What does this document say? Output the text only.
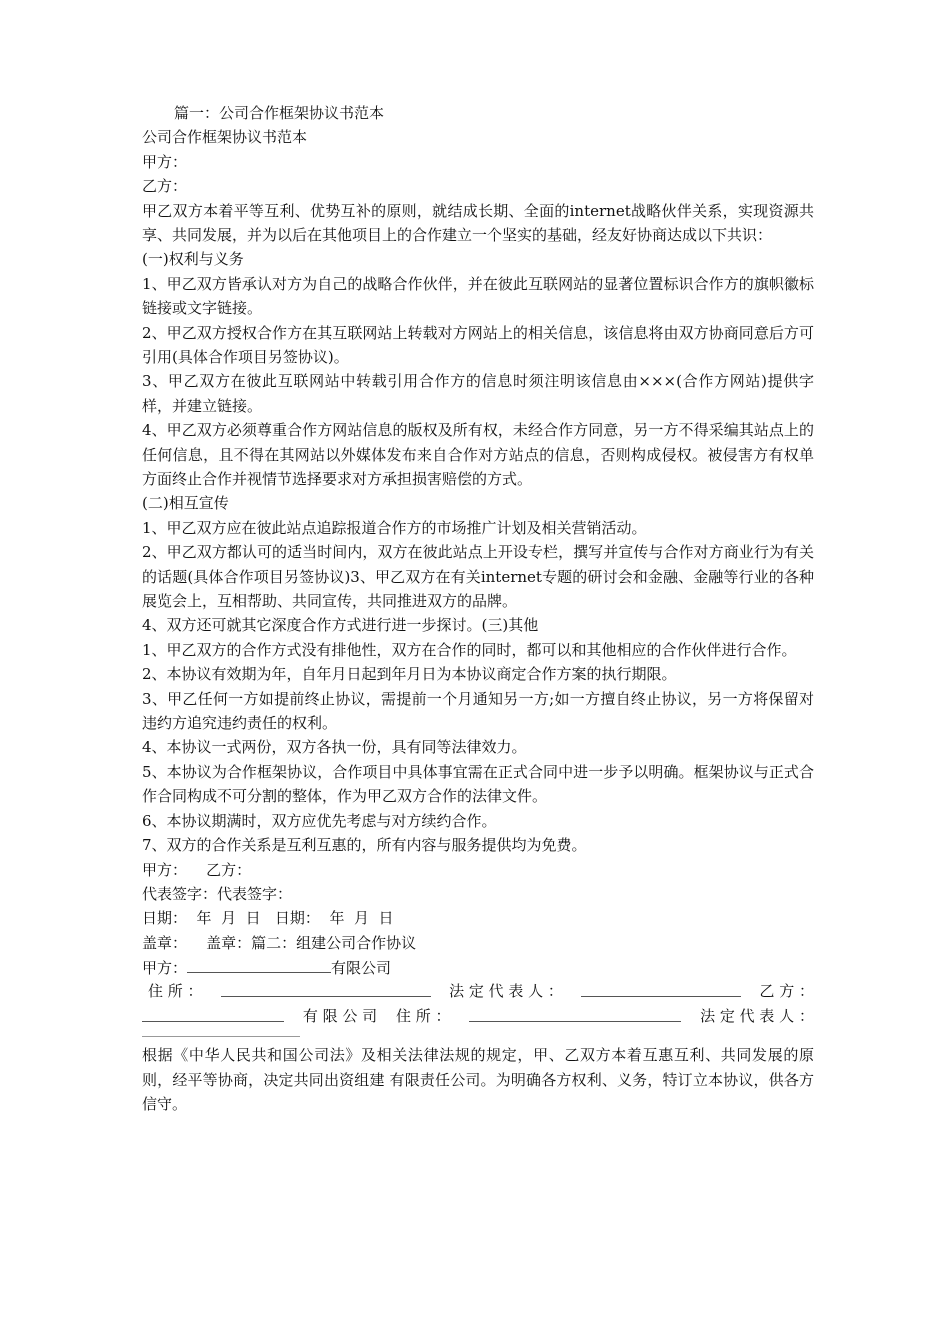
篇一：公司合作框架协议书范本
公司合作框架协议书范本
甲方：
乙方：
甲乙双方本着平等互利、优势互补的原则，就结成长期、全面的internet战略伙伴关系，实现资源共享、共同发展，并为以后在其他项目上的合作建立一个坚实的基础，经友好协商达成以下共识：
(一)权利与义务
1、甲乙双方皆承认对方为自己的战略合作伙伴，并在彼此互联网站的显著位置标识合作方的旗帜徽标链接或文字链接。
2、甲乙双方授权合作方在其互联网站上转载对方网站上的相关信息，该信息将由双方协商同意后方可引用(具体合作项目另签协议)。
3、甲乙双方在彼此互联网站中转载引用合作方的信息时须注明该信息由×××(合作方网站)提供字样，并建立链接。
4、甲乙双方必须尊重合作方网站信息的版权及所有权，未经合作方同意，另一方不得采编其站点上的任何信息，且不得在其网站以外媒体发布来自合作对方站点的信息，否则构成侵权。被侵害方有权单方面终止合作并视情节选择要求对方承担损害赔偿的方式。
(二)相互宣传
1、甲乙双方应在彼此站点追踪报道合作方的市场推广计划及相关营销活动。
2、甲乙双方都认可的适当时间内，双方在彼此站点上开设专栏，撰写并宣传与合作对方商业行为有关的话题(具体合作项目另签协议)3、甲乙双方在有关internet专题的研讨会和金融、金融等行业的各种展览会上，互相帮助、共同宣传，共同推进双方的品牌。
4、双方还可就其它深度合作方式进行进一步探讨。(三)其他
1、甲乙双方的合作方式没有排他性，双方在合作的同时，都可以和其他相应的合作伙伴进行合作。
2、本协议有效期为年，自年月日起到年月日为本协议商定合作方案的执行期限。
3、甲乙任何一方如提前终止协议，需提前一个月通知另一方;如一方擅自终止协议，另一方将保留对违约方追究违约责任的权利。
4、本协议一式两份，双方各执一份，具有同等法律效力。
5、本协议为合作框架协议，合作项目中具体事宜需在正式合同中进一步予以明确。框架协议与正式合作合同构成不可分割的整体，作为甲乙双方合作的法律文件。
6、本协议期满时，双方应优先考虑与对方续约合作。
7、双方的合作关系是互利互惠的，所有内容与服务提供均为免费。
甲方：    乙方：
代表签字：代表签字：
日期：  年  月  日   日期：  年  月  日
盖章：    盖章：篇二：组建公司合作协议
甲方：	有限公司
住 所 ：	法 定 代 表 人 ：	乙 方 ：
有 限 公 司 住 所 ：	法 定 代 表 人 ：
根据《中华人民共和国公司法》及相关法律法规的规定，甲、乙双方本着互惠互利、共同发展的原则，经平等协商，决定共同出资组建 有限责任公司。为明确各方权利、义务，特订立本协议，供各方信守。
